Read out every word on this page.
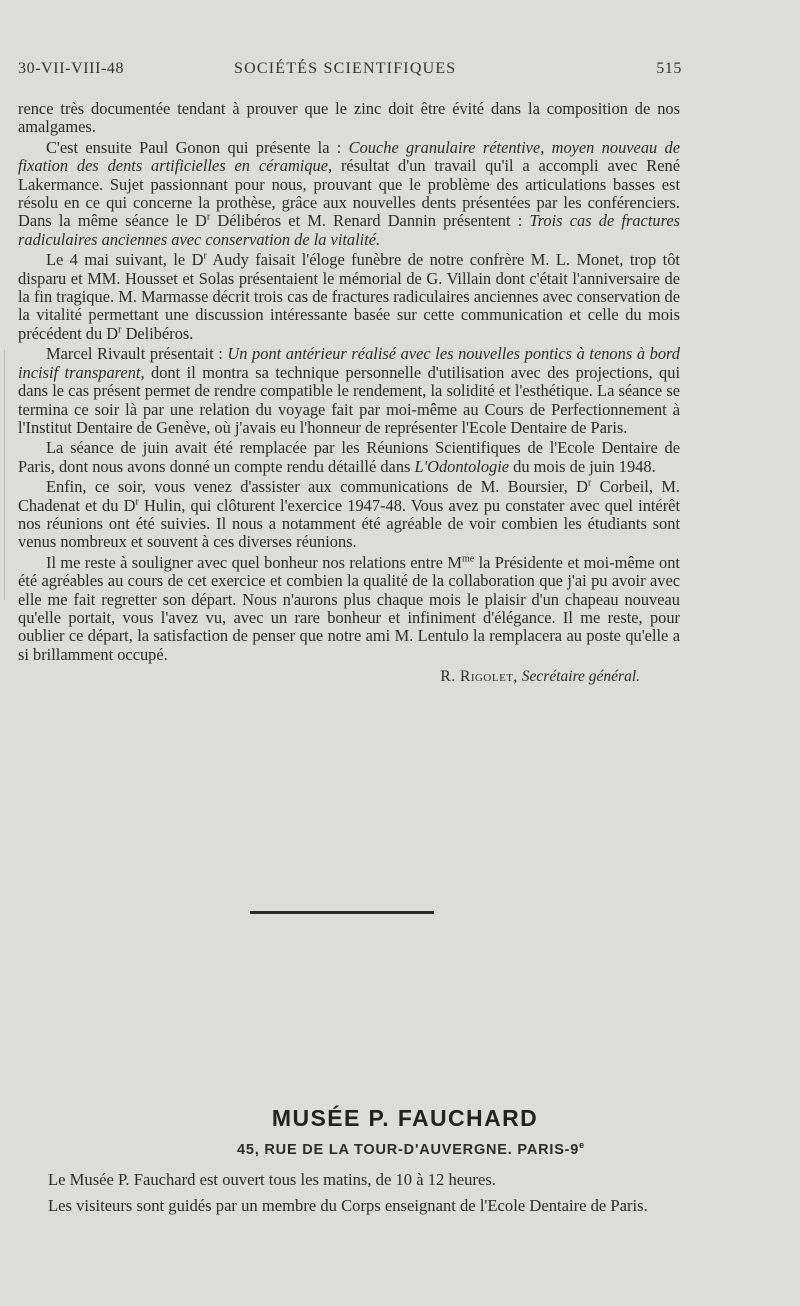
30-VII-VIII-48	SOCIÉTÉS SCIENTIFIQUES	515

rence très documentée tendant à prouver que le zinc doit être évité dans la composition de nos amalgames.

C'est ensuite Paul Gonon qui présente la : Couche granulaire rétentive, moyen nouveau de fixation des dents artificielles en céramique, résultat d'un travail qu'il a accompli avec René Lakermance. Sujet passionnant pour nous, prouvant que le problème des articulations basses est résolu en ce qui concerne la prothèse, grâce aux nouvelles dents présentées par les conférenciers. Dans la même séance le $D^r$ Délibéros et M. Renard Dannin présentent : Trois cas de fractures radiculaires anciennes avec conservation de la vitalité.

Le 4 mai suivant, le $D^r$ Audy faisait l'éloge funèbre de notre confrère M. L. Monet, trop tôt disparu et MM. Housset et Solas présentaient le mémorial de G. Villain dont c'était l'anniversaire de la fin tragique. M. Marmasse décrit trois cas de fractures radiculaires anciennes avec conservation de la vitalité permettant une discussion intéressante basée sur cette communication et celle du mois précédent du $D^r$ Delibéros.

Marcel Rivault présentait : Un pont antérieur réalisé avec les nouvelles pontics à tenons à bord incisif transparent, dont il montra sa technique personnelle d'utilisation avec des projections, qui dans le cas présent permet de rendre compatible le rendement, la solidité et l'esthétique. La séance se termina ce soir là par une relation du voyage fait par moi-même au Cours de Perfectionnement à l'Institut Dentaire de Genève, où j'avais eu l'honneur de représenter l'Ecole Dentaire de Paris.

La séance de juin avait été remplacée par les Réunions Scientifiques de l'Ecole Dentaire de Paris, dont nous avons donné un compte rendu détaillé dans L'Odontologie du mois de juin 1948.

Enfin, ce soir, vous venez d'assister aux communications de M. Boursier, $D^r$ Corbeil, M. Chadenat et du $D^r$ Hulin, qui clôturent l'exercice 1947-48. Vous avez pu constater avec quel intérêt nos réunions ont été suivies. Il nous a notamment été agréable de voir combien les étudiants sont venus nombreux et souvent à ces diverses réunions.

Il me reste à souligner avec quel bonheur nos relations entre $M^{me}$ la Présidente et moi-même ont été agréables au cours de cet exercice et combien la qualité de la collaboration que j'ai pu avoir avec elle me fait regretter son départ. Nous n'aurons plus chaque mois le plaisir d'un chapeau nouveau qu'elle portait, vous l'avez vu, avec un rare bonheur et infiniment d'élégance. Il me reste, pour oublier ce départ, la satisfaction de penser que notre ami M. Lentulo la remplacera au poste qu'elle a si brillamment occupé.

R. Rigolet, Secrétaire général.
MUSÉE P. FAUCHARD
45, RUE DE LA TOUR-D'AUVERGNE. PARIS-9e

Le Musée P. Fauchard est ouvert tous les matins, de 10 à 12 heures.

Les visiteurs sont guidés par un membre du Corps enseignant de l'Ecole Dentaire de Paris.
